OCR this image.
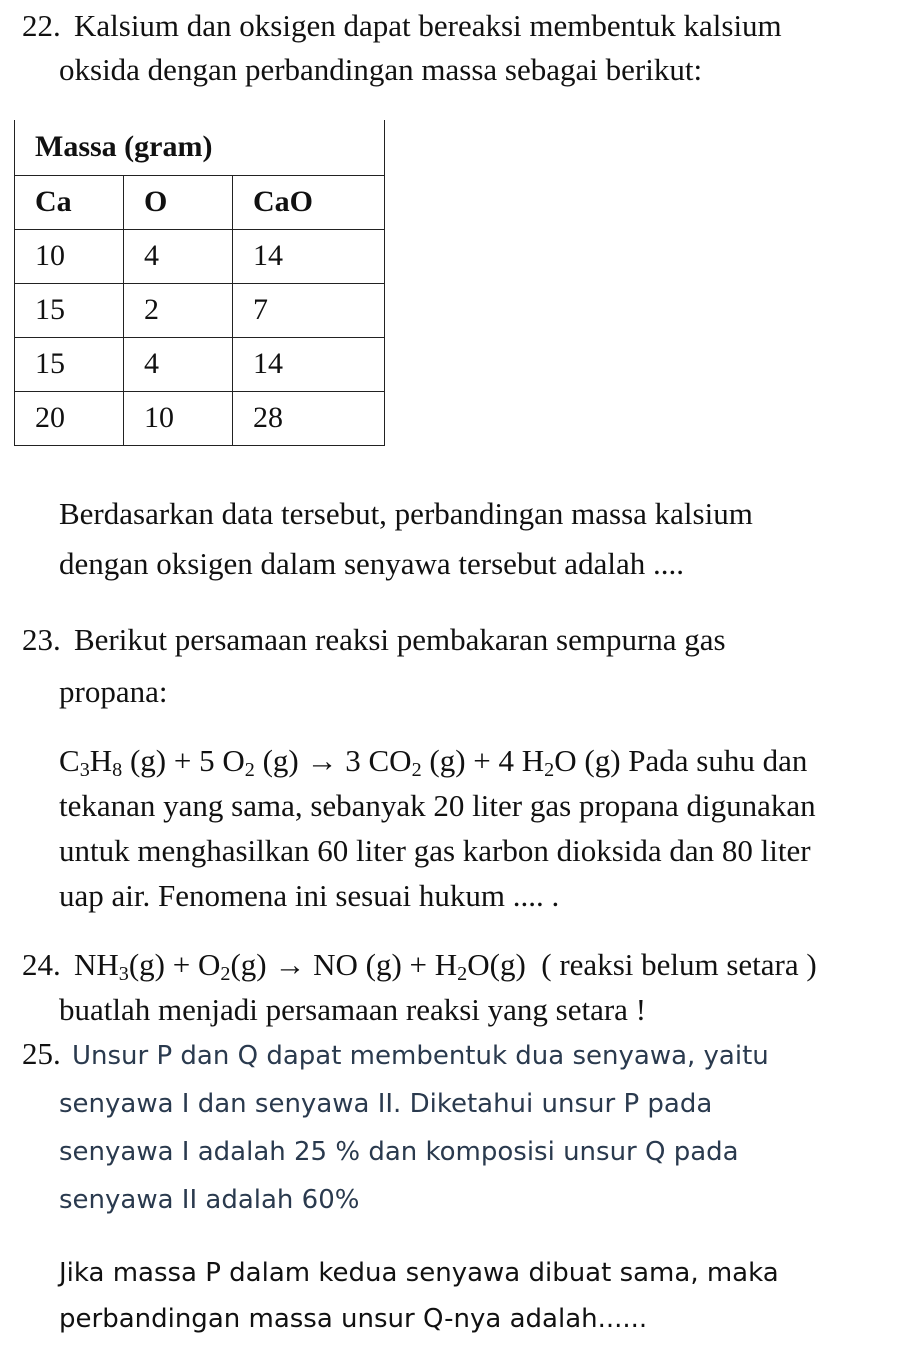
22. Kalsium dan oksigen dapat bereaksi membentuk kalsium
oksida dengan perbandingan massa sebagai berikut:
Massa (gram)		
Ca	O	CaO
10	4	14
15	2	7
15	4	14
20	10	28
Berdasarkan data tersebut, perbandingan massa kalsium
dengan oksigen dalam senyawa tersebut adalah ....
23. Berikut persamaan reaksi pembakaran sempurna gas
propana:
$C_3H_8$ (g) + 5 $O_2$ (g) → 3 $CO_2$ (g) + 4 $H_2O$ (g) Pada suhu dan
tekanan yang sama, sebanyak 20 liter gas propana digunakan
untuk menghasilkan 60 liter gas karbon dioksida dan 80 liter
uap air. Fenomena ini sesuai hukum .... .
24. $NH_3(g) + O_2(g)$ → NO $(g) + H_2O(g)$ ( reaksi belum setara )
buatlah menjadi persamaan reaksi yang setara !
25. Unsur P dan Q dapat membentuk dua senyawa, yaitu
senyawa I dan senyawa II. Diketahui unsur P pada
senyawa I adalah 25 % dan komposisi unsur Q pada
senyawa II adalah 60%
Jika massa P dalam kedua senyawa dibuat sama, maka
perbandingan massa unsur Q-nya adalah......
